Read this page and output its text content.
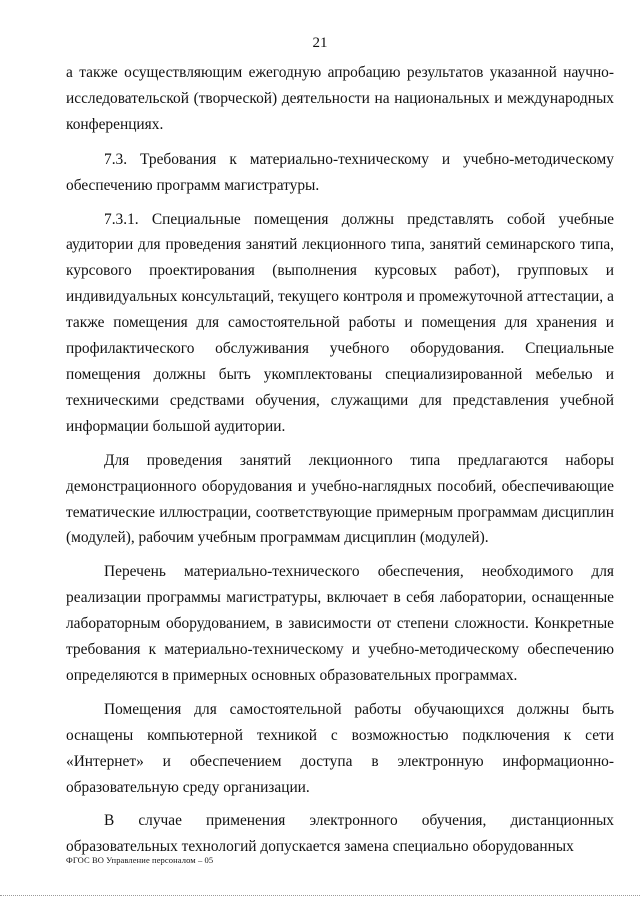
21

а также осуществляющим ежегодную апробацию результатов указанной научно-исследовательской (творческой) деятельности на национальных и международных конференциях.

7.3. Требования к материально-техническому и учебно-методическому обеспечению программ магистратуры.

7.3.1. Специальные помещения должны представлять собой учебные аудитории для проведения занятий лекционного типа, занятий семинарского типа, курсового проектирования (выполнения курсовых работ), групповых и индивидуальных консультаций, текущего контроля и промежуточной аттестации, а также помещения для самостоятельной работы и помещения для хранения и профилактического обслуживания учебного оборудования. Специальные помещения должны быть укомплектованы специализированной мебелью и техническими средствами обучения, служащими для представления учебной информации большой аудитории.

Для проведения занятий лекционного типа предлагаются наборы демонстрационного оборудования и учебно-наглядных пособий, обеспечивающие тематические иллюстрации, соответствующие примерным программам дисциплин (модулей), рабочим учебным программам дисциплин (модулей).

Перечень материально-технического обеспечения, необходимого для реализации программы магистратуры, включает в себя лаборатории, оснащенные лабораторным оборудованием, в зависимости от степени сложности. Конкретные требования к материально-техническому и учебно-методическому обеспечению определяются в примерных основных образовательных программах.

Помещения для самостоятельной работы обучающихся должны быть оснащены компьютерной техникой с возможностью подключения к сети «Интернет» и обеспечением доступа в электронную информационно-образовательную среду организации.

В случае применения электронного обучения, дистанционных образовательных технологий допускается замена специально оборудованных

ФГОС ВО Управление персоналом – 05
